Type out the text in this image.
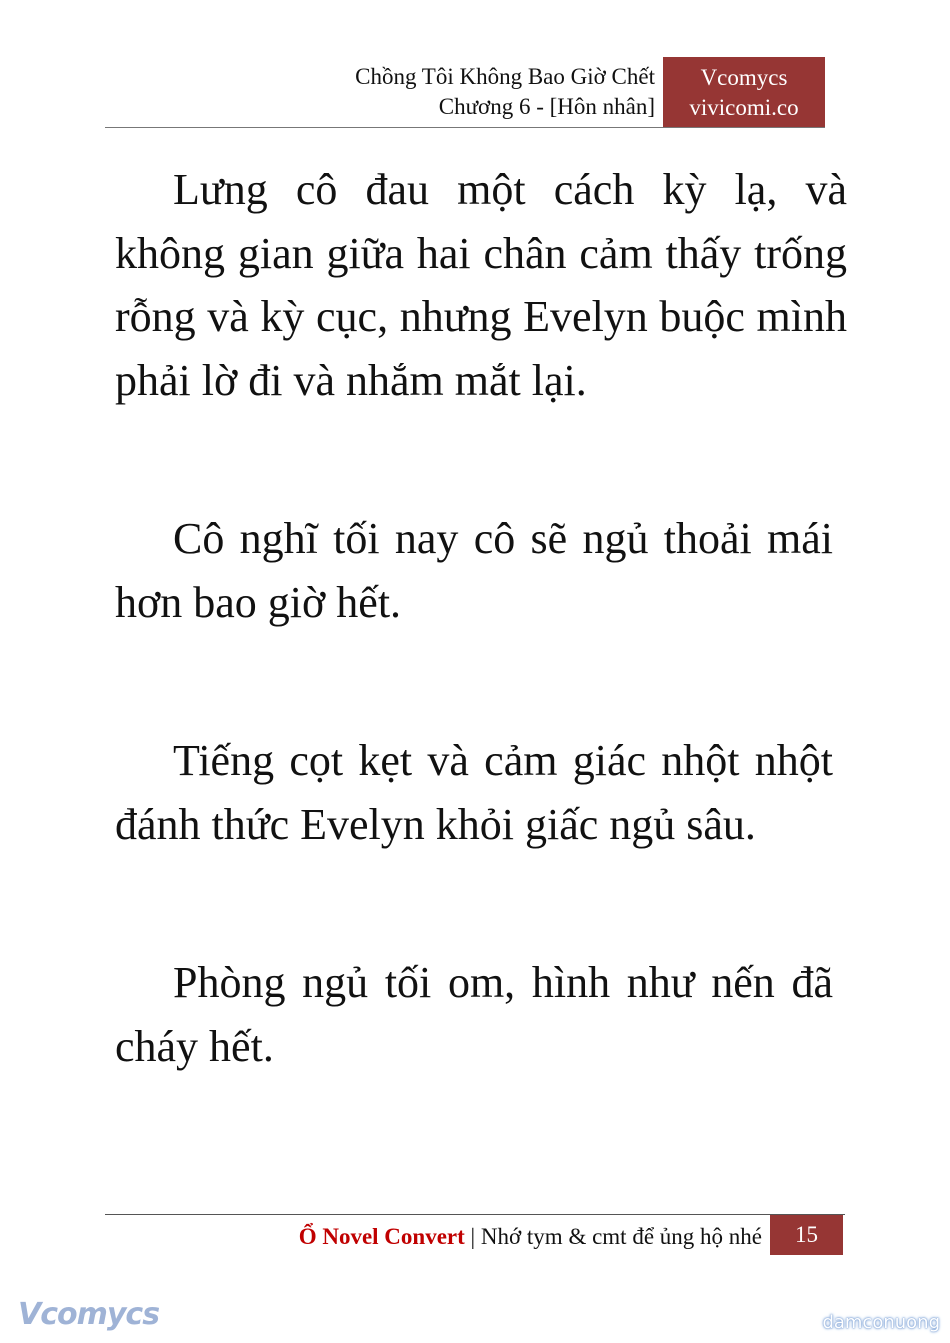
Chồng Tôi Không Bao Giờ Chết
Chương 6 - [Hôn nhân]
Vcomycs
vivicomi.co

Lưng cô đau một cách kỳ lạ, và không gian giữa hai chân cảm thấy trống rỗng và kỳ cục, nhưng Evelyn buộc mình phải lờ đi và nhắm mắt lại.

Cô nghĩ tối nay cô sẽ ngủ thoải mái hơn bao giờ hết.

Tiếng cọt kẹt và cảm giác nhột nhột đánh thức Evelyn khỏi giấc ngủ sâu.

Phòng ngủ tối om, hình như nến đã cháy hết.

Ổ Novel Convert | Nhớ tym & cmt để ủng hộ nhé	15
Vcomycs	damconuong
